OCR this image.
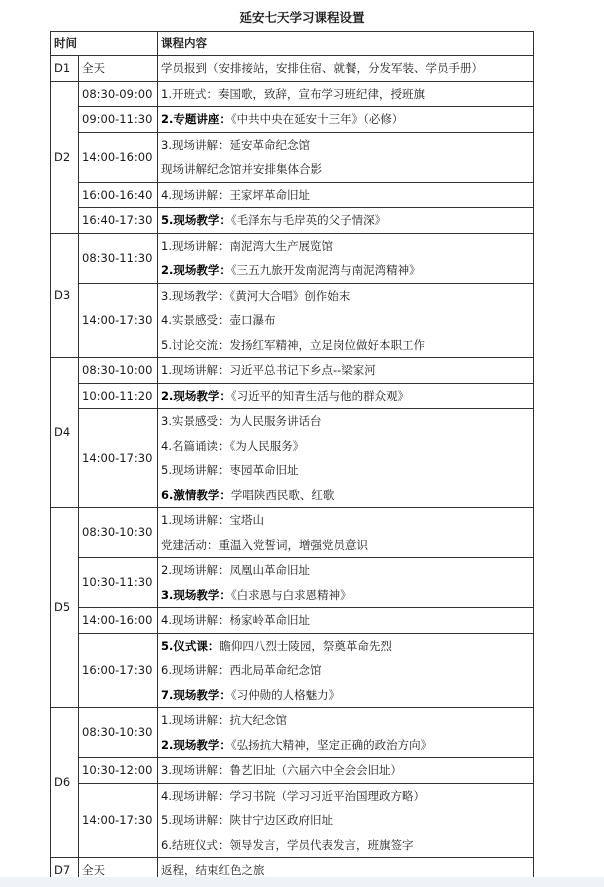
延安七天学习课程设置
时间		课程内容
D1	全天	学员报到（安排接站，安排住宿、就餐，分发军装、学员手册）

D2	08:30-09:00	1.开班式：奏国歌，致辞，宣布学习班纪律，授班旗

	09:00-11:30	2.专题讲座：《中共中央在延安十三年》（必修）

	14:00-16:00	3.现场讲解：延安革命纪念馆
现场讲解纪念馆并安排集体合影

	16:00-16:40	4.现场讲解：王家坪革命旧址

	16:40-17:30	5.现场教学：《毛泽东与毛岸英的父子情深》

D3	08:30-11:30	1.现场讲解：南泥湾大生产展览馆
2.现场教学：《三五九旅开发南泥湾与南泥湾精神》

	14:00-17:30	3.现场教学：《黄河大合唱》创作始末
4.实景感受：壶口瀑布
5.讨论交流：发扬红军精神，立足岗位做好本职工作

D4	08:30-10:00	1.现场讲解：习近平总书记下乡点--梁家河

	10:00-11:20	2.现场教学：《习近平的知青生活与他的群众观》

	14:00-17:30	3.实景感受：为人民服务讲话台
4.名篇诵读：《为人民服务》
5.现场讲解：枣园革命旧址
6.激情教学：学唱陕西民歌、红歌

D5	08:30-10:30	1.现场讲解：宝塔山
党建活动：重温入党誓词，增强党员意识

	10:30-11:30	2.现场讲解：凤凰山革命旧址
3.现场教学：《白求恩与白求恩精神》

	14:00-16:00	4.现场讲解：杨家岭革命旧址

	16:00-17:30	5.仪式课：瞻仰四八烈士陵园，祭奠革命先烈
6.现场讲解：西北局革命纪念馆
7.现场教学：《习仲勋的人格魅力》

D6	08:30-10:30	1.现场讲解：抗大纪念馆
2.现场教学：《弘扬抗大精神，坚定正确的政治方向》

	10:30-12:00	3.现场讲解：鲁艺旧址（六届六中全会会旧址）

	14:00-17:30	4.现场讲解：学习书院（学习习近平治国理政方略）
5.现场讲解：陕甘宁边区政府旧址
6.结班仪式：领导发言，学员代表发言，班旗签字

D7	全天	返程，结束红色之旅
